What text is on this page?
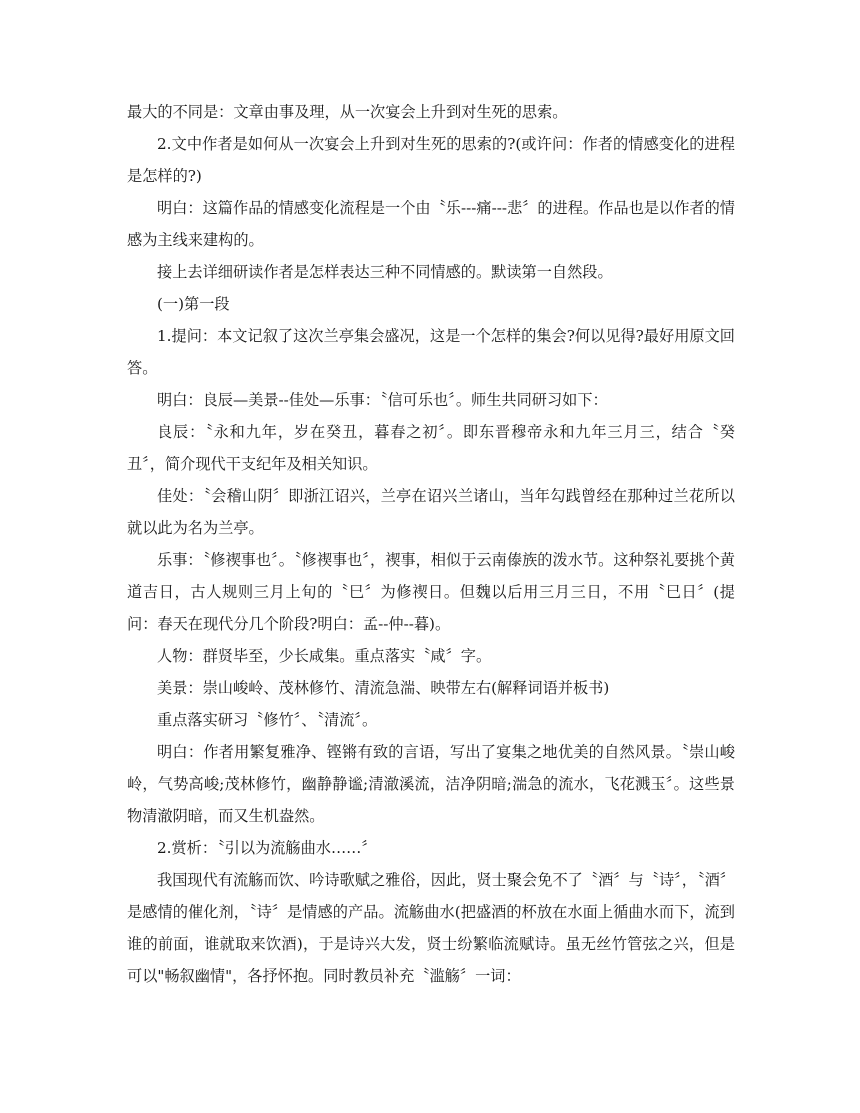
最大的不同是：文章由事及理，从一次宴会上升到对生死的思索。

2.文中作者是如何从一次宴会上升到对生死的思索的?(或许问：作者的情感变化的进程是怎样的?)

明白：这篇作品的情感变化流程是一个由〝乐---痛---悲〞的进程。作品也是以作者的情感为主线来建构的。

接上去详细研读作者是怎样表达三种不同情感的。默读第一自然段。

(一)第一段

1.提问：本文记叙了这次兰亭集会盛况，这是一个怎样的集会?何以见得?最好用原文回答。

明白：良辰—美景--佳处—乐事：〝信可乐也〞。师生共同研习如下：

良辰：〝永和九年，岁在癸丑，暮春之初〞。即东晋穆帝永和九年三月三，结合〝癸丑〞，简介现代干支纪年及相关知识。

佳处：〝会稽山阴〞即浙江诏兴，兰亭在诏兴兰诸山，当年勾践曾经在那种过兰花所以就以此为名为兰亭。

乐事：〝修禊事也〞。〝修禊事也〞，禊事，相似于云南傣族的泼水节。这种祭礼要挑个黄道吉日，古人规则三月上旬的〝巳〞为修禊日。但魏以后用三月三日，不用〝巳日〞(提问：春天在现代分几个阶段?明白：孟--仲--暮)。

人物：群贤毕至，少长咸集。重点落实〝咸〞字。

美景：崇山峻岭、茂林修竹、清流急湍、映带左右(解释词语并板书)

重点落实研习〝修竹〞、〝清流〞。

明白：作者用繁复雅净、铿锵有致的言语，写出了宴集之地优美的自然风景。〝崇山峻岭，气势高峻;茂林修竹，幽静静谧;清澈溪流，洁净阴暗;湍急的流水，飞花溅玉〞。这些景物清澈阴暗，而又生机盎然。

2.赏析：〝引以为流觞曲水……〞

我国现代有流觞而饮、吟诗歌赋之雅俗，因此，贤士聚会免不了〝酒〞与〝诗〞，〝酒〞是感情的催化剂，〝诗〞是情感的产品。流觞曲水(把盛酒的杯放在水面上循曲水而下，流到谁的前面，谁就取来饮酒)，于是诗兴大发，贤士纷繁临流赋诗。虽无丝竹管弦之兴，但是可以"畅叙幽情"，各抒怀抱。同时教员补充〝滥觞〞一词：
